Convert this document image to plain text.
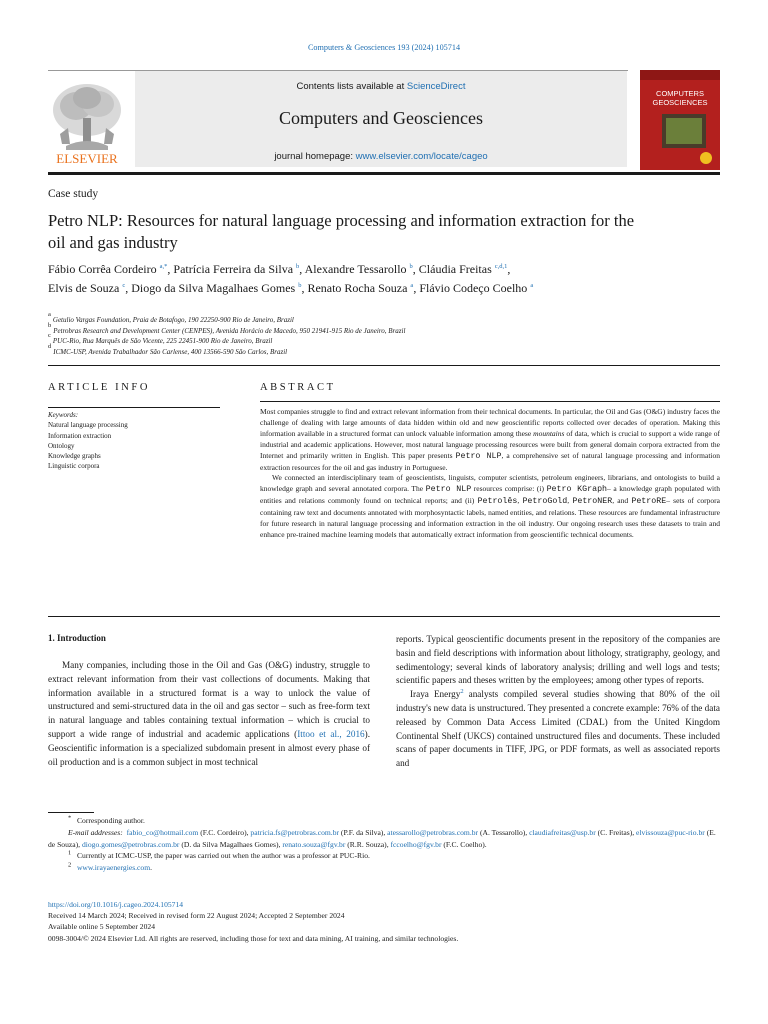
Computers & Geosciences 193 (2024) 105714
ELSEVIER
Contents lists available at ScienceDirect
Computers and Geosciences
journal homepage: www.elsevier.com/locate/cageo
COMPUTERS
GEOSCIENCES
Case study
Petro NLP: Resources for natural language processing and information extraction for the oil and gas industry
Fábio Corrêa Cordeiro $^{a,*}$, Patrícia Ferreira da Silva $^b$, Alexandre Tessarollo $^b$, Cláudia Freitas $^{c,d,1}$,
Elvis de Souza $^c$, Diogo da Silva Magalhaes Gomes $^b$, Renato Rocha Souza $^a$, Flávio Codeço Coelho $^a$
a
Getulio Vargas Foundation, Praia de Botafogo, 190 22250-900 Rio de Janeiro, Brazil
b
Petrobras Research and Development Center (CENPES), Avenida Horácio de Macedo, 950 21941-915 Rio de Janeiro, Brazil
c
PUC-Rio, Rua Marquês de São Vicente, 225 22451-900 Rio de Janeiro, Brazil
d
ICMC-USP, Avenida Trabalhador São Carlense, 400 13566-590 São Carlos, Brazil
ARTICLE INFO	ABSTRACT
Keywords:
Natural language processing
Information extraction
Ontology
Knowledge graphs
Linguistic corpora

Most companies struggle to find and extract relevant information from their technical documents. In particular, the Oil and Gas (O&G) industry faces the challenge of dealing with large amounts of data hidden within old and new geoscientific reports collected over decades of operation. Making this information available in a structured format can unlock valuable information among these mountains of data, which is crucial to support a wide range of industrial and academic applications. However, most natural language processing resources were built from general domain corpora extracted from the Internet and primarily written in English. This paper presents Petro NLP, a comprehensive set of natural language processing and information extraction resources for the oil and gas industry in Portuguese.

We connected an interdisciplinary team of geoscientists, linguists, computer scientists, petroleum engineers, librarians, and ontologists to build a knowledge graph and several annotated corpora. The Petro NLP resources comprise: (i) Petro KGraph– a knowledge graph populated with entities and relations commonly found on technical reports; and (ii) Petrolês, PetroGold, PetroNER, and PetroRE– sets of corpora containing raw text and documents annotated with morphosyntactic labels, named entities, and relations. These resources are fundamental infrastructure for future research in natural language processing and information extraction in the oil industry. Our ongoing research uses these datasets to train and enhance pre-trained machine learning models that automatically extract information from geoscientific technical documents.

1. Introduction

Many companies, including those in the Oil and Gas (O&G) industry, struggle to extract relevant information from their vast collections of documents. Making that information available in a structured format is a way to unlock the value of unstructured and semi-structured data in the oil and gas sector – such as free-form text in natural language and tables containing textual information – which is crucial to support a wide range of industrial and academic applications (Ittoo et al., 2016). Geoscientific information is a specialized subdomain present in almost every phase of oil production and is a common subject in most technical

reports. Typical geoscientific documents present in the repository of the companies are basin and field descriptions with information about lithology, stratigraphy, geology, and sedimentology; several kinds of laboratory analysis; drilling and well logs and tests; scientific papers and theses written by the employees; among other types of reports.

Iraya Energy$^2$ analysts compiled several studies showing that 80% of the oil industry's new data is unstructured. They presented a concrete example: 76% of the data released by Common Data Access Limited (CDAL) from the United Kingdom Continental Shelf (UKCS) contained unstructured files and documents. These included scans of paper documents in TIFF, JPG, or PDF formats, as well as associated reports and

* Corresponding author.
E-mail addresses: fabio_co@hotmail.com (F.C. Cordeiro), patricia.fs@petrobras.com.br (P.F. da Silva), atessarollo@petrobras.com.br (A. Tessarollo), claudiafreitas@usp.br (C. Freitas), elvissouza@puc-rio.br (E. de Souza), diogo.gomes@petrobras.com.br (D. da Silva Magalhaes Gomes), renato.souza@fgv.br (R.R. Souza), fccoelho@fgv.br (F.C. Coelho).
$^1$ Currently at ICMC-USP, the paper was carried out when the author was a professor at PUC-Rio.
$^2$ www.irayaenergies.com.
https://doi.org/10.1016/j.cageo.2024.105714
Received 14 March 2024; Received in revised form 22 August 2024; Accepted 2 September 2024
Available online 5 September 2024
0098-3004/© 2024 Elsevier Ltd. All rights are reserved, including those for text and data mining, AI training, and similar technologies.
